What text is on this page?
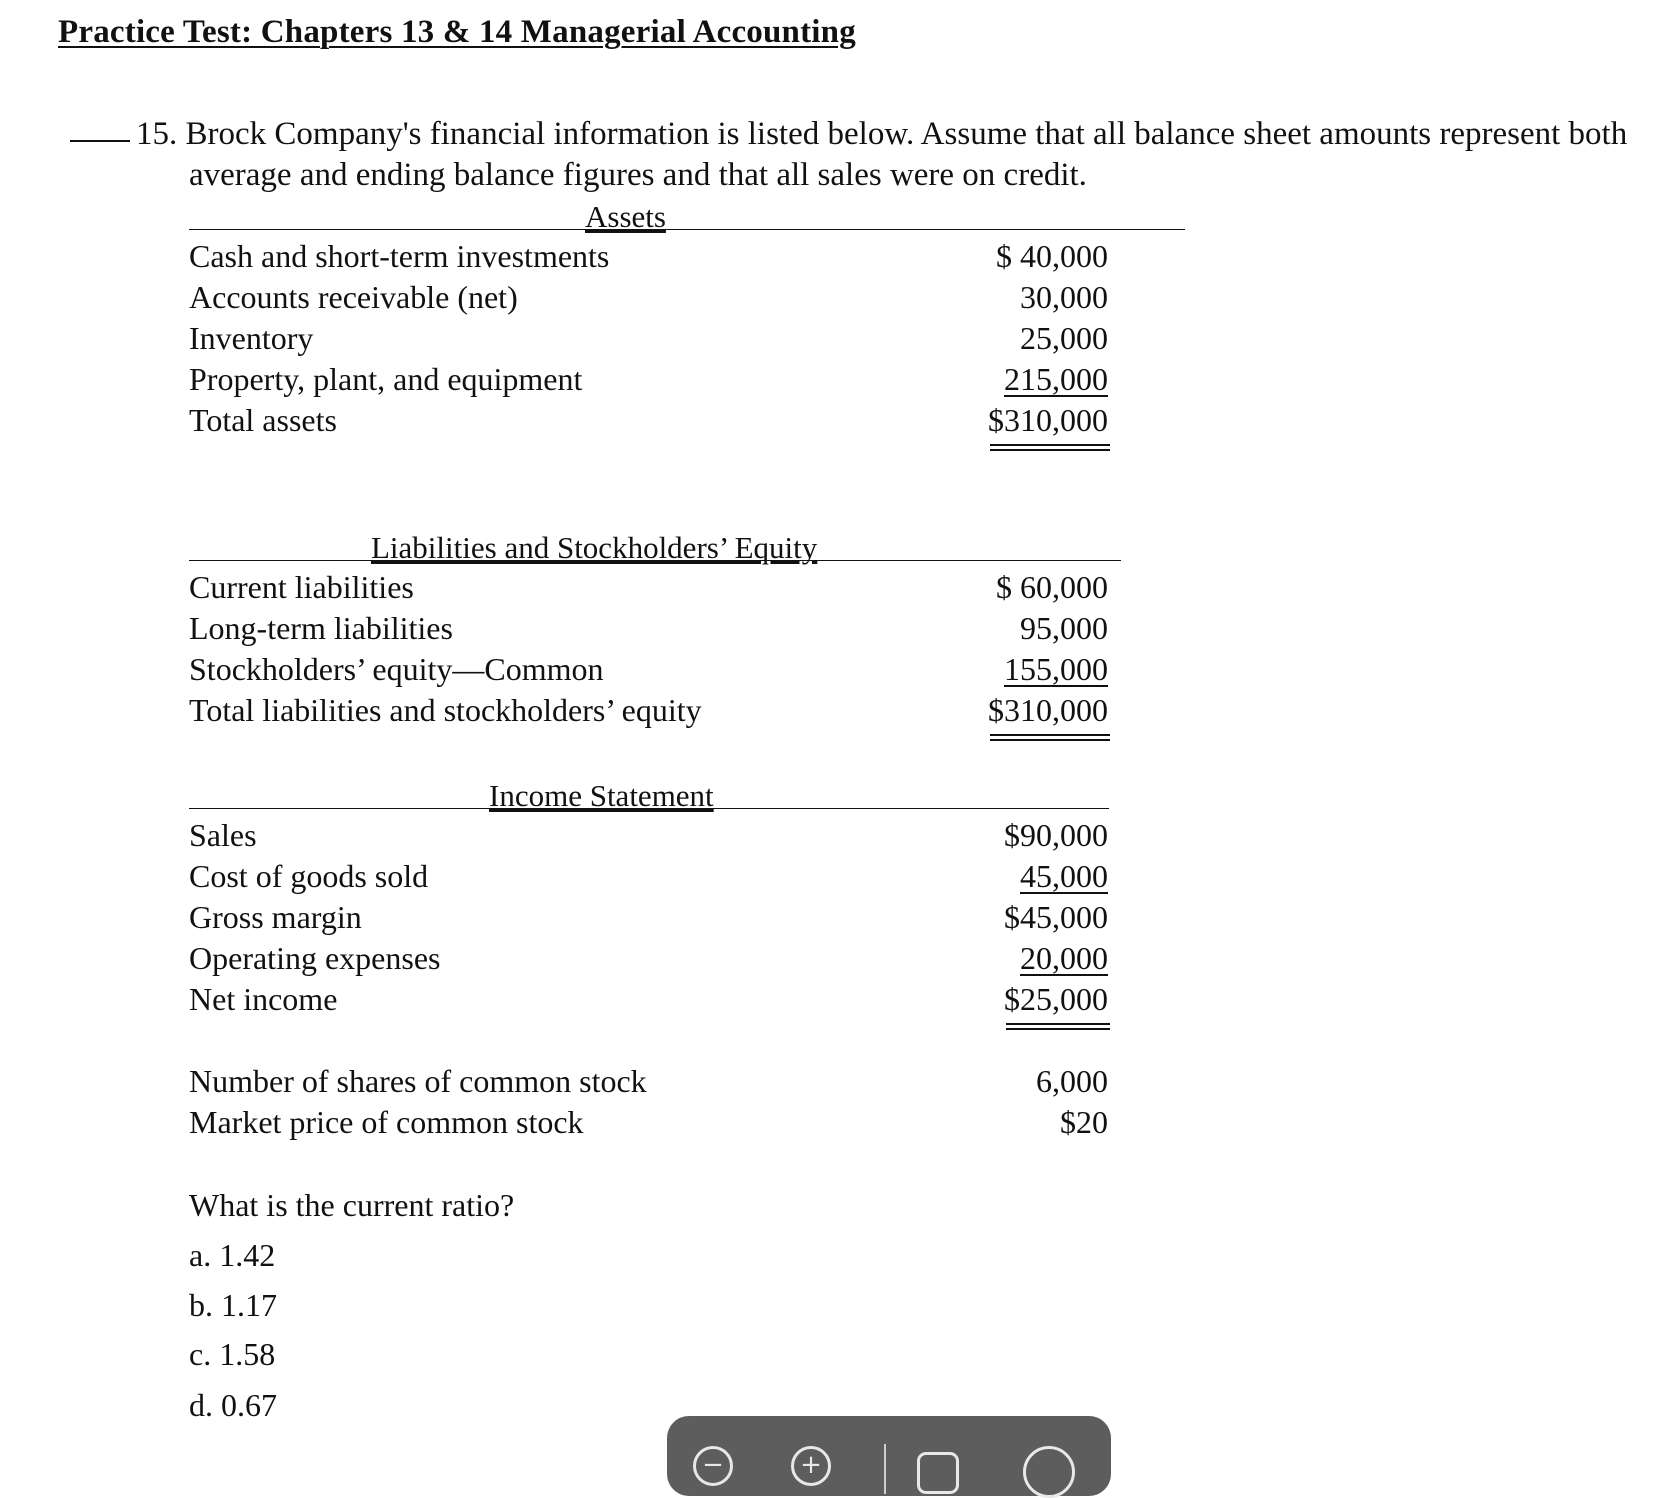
Practice Test: Chapters 13 & 14 Managerial Accounting
15. Brock Company's financial information is listed below. Assume that all balance sheet amounts represent both
average and ending balance figures and that all sales were on credit.
Assets
Cash and short-term investments	$ 40,000
Accounts receivable (net)	30,000
Inventory	25,000
Property, plant, and equipment	215,000
Total assets	$310,000
Liabilities and Stockholders’ Equity
Current liabilities	$ 60,000
Long-term liabilities	95,000
Stockholders’ equity—Common	155,000
Total liabilities and stockholders’ equity	$310,000
Income Statement
Sales	$90,000
Cost of goods sold	45,000
Gross margin	$45,000
Operating expenses	20,000
Net income	$25,000
Number of shares of common stock	6,000
Market price of common stock	$20
What is the current ratio?
a. 1.42
b. 1.17
c. 1.58
d. 0.67
−	+
